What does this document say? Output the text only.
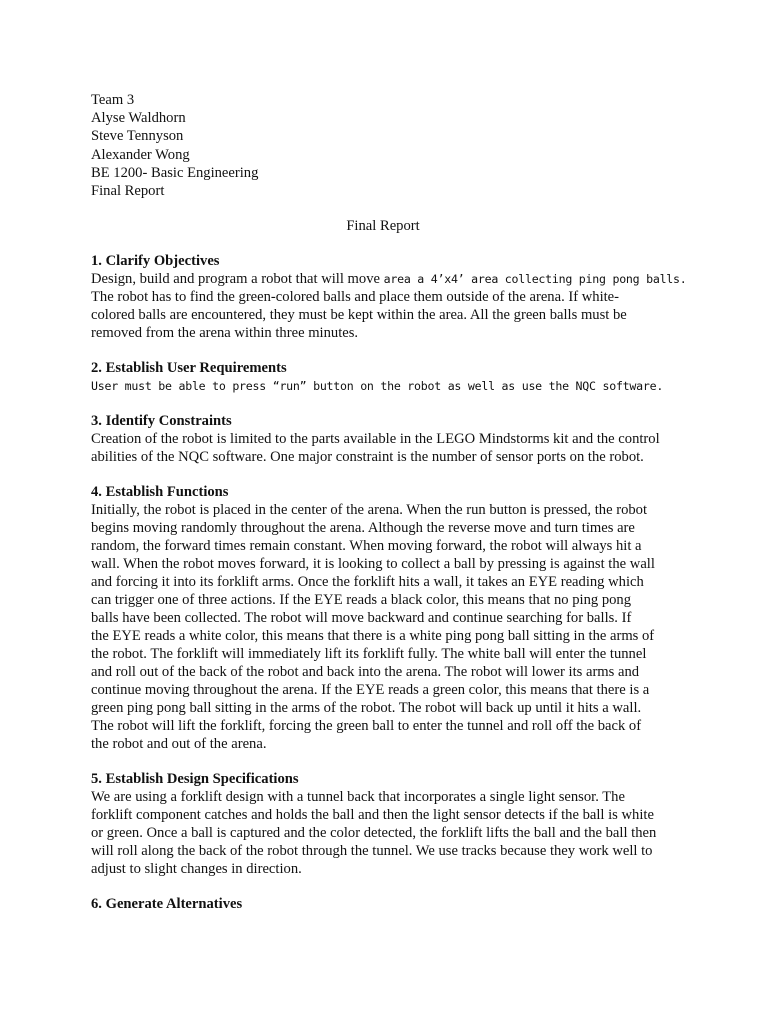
Team 3
Alyse Waldhorn
Steve Tennyson
Alexander Wong
BE 1200- Basic Engineering
Final Report
Final Report
1. Clarify Objectives
Design, build and program a robot that will move area a 4’x4’ area collecting ping pong balls.
The robot has to find the green-colored balls and place them outside of the arena. If white-
colored balls are encountered, they must be kept within the area. All the green balls must be
removed from the arena within three minutes.
2. Establish User Requirements
User must be able to press “run” button on the robot as well as use the NQC software.
3. Identify Constraints
Creation of the robot is limited to the parts available in the LEGO Mindstorms kit and the control
abilities of the NQC software. One major constraint is the number of sensor ports on the robot.
4. Establish Functions
Initially, the robot is placed in the center of the arena. When the run button is pressed, the robot
begins moving randomly throughout the arena. Although the reverse move and turn times are
random, the forward times remain constant. When moving forward, the robot will always hit a
wall. When the robot moves forward, it is looking to collect a ball by pressing is against the wall
and forcing it into its forklift arms. Once the forklift hits a wall, it takes an EYE reading which
can trigger one of three actions. If the EYE reads a black color, this means that no ping pong
balls have been collected. The robot will move backward and continue searching for balls. If
the EYE reads a white color, this means that there is a white ping pong ball sitting in the arms of
the robot. The forklift will immediately lift its forklift fully. The white ball will enter the tunnel
and roll out of the back of the robot and back into the arena. The robot will lower its arms and
continue moving throughout the arena. If the EYE reads a green color, this means that there is a
green ping pong ball sitting in the arms of the robot. The robot will back up until it hits a wall.
The robot will lift the forklift, forcing the green ball to enter the tunnel and roll off the back of
the robot and out of the arena.
5. Establish Design Specifications
We are using a forklift design with a tunnel back that incorporates a single light sensor. The
forklift component catches and holds the ball and then the light sensor detects if the ball is white
or green. Once a ball is captured and the color detected, the forklift lifts the ball and the ball then
will roll along the back of the robot through the tunnel. We use tracks because they work well to
adjust to slight changes in direction.
6. Generate Alternatives
